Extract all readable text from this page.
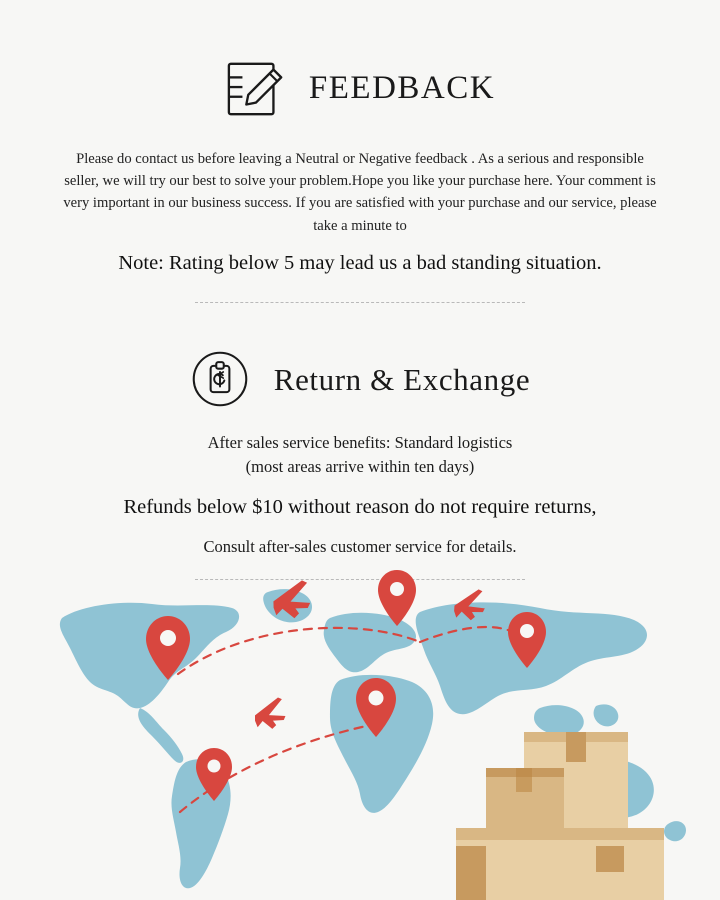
FEEDBACK

Please do contact us before leaving a Neutral or Negative feedback . As a serious and responsible seller, we will try our best to solve your problem.Hope you like your purchase here. Your comment is very important in our business success. If you are satisfied with your purchase and our service, please take a minute to

Note: Rating below 5 may lead us a bad standing situation.

Return & Exchange

After sales service benefits: Standard logistics

(most areas arrive within ten days)

Refunds below $10 without reason do not require returns,

Consult after-sales customer service for details.
